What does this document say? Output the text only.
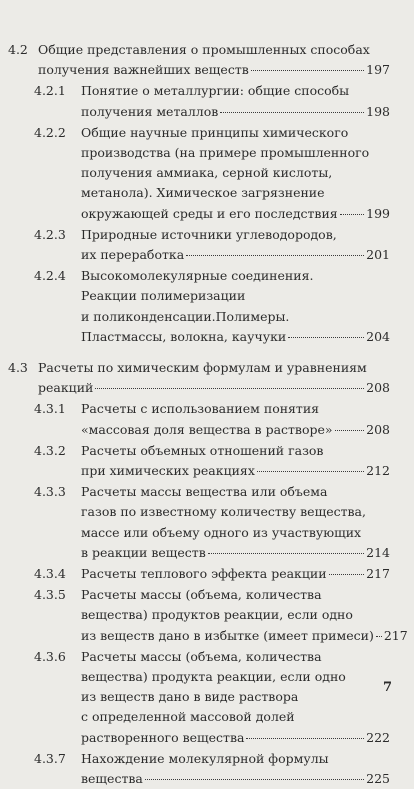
4.2 Общие представления о промышленных способах
получения важнейших веществ	197
4.2.1	Понятие о металлургии: общие способы
получения металлов	198
4.2.2	Общие научные принципы химического
производства (на примере промышленного
получения аммиака, серной кислоты,
метанола). Химическое загрязнение
окружающей среды и его последствия 199
4.2.3	Природные источники углеводородов,
их переработка	201
4.2.4	Высокомолекулярные соединения.
Реакции полимеризации
и поликонденсации.Полимеры.
Пластмассы, волокна, каучуки	204
4.3 Расчеты по химическим формулам и уравнениям
реакций	208
4.3.1	Расчеты с использованием понятия
«массовая доля вещества в растворе»	208
4.3.2	Расчеты объемных отношений газов
при химических реакциях	212
4.3.3	Расчеты массы вещества или объема
газов по известному количеству вещества,
массе или объему одного из участвующих
в реакции веществ	214
4.3.4	Расчеты теплового эффекта реакции	217
4.3.5	Расчеты массы (объема, количества
вещества) продуктов реакции, если одно
из веществ дано в избытке (имеет примеси) 217
4.3.6	Расчеты массы (объема, количества
вещества) продукта реакции, если одно
из веществ дано в виде раствора
с определенной массовой долей
растворенного вещества	222
4.3.7	Нахождение молекулярной формулы
вещества	225
7
